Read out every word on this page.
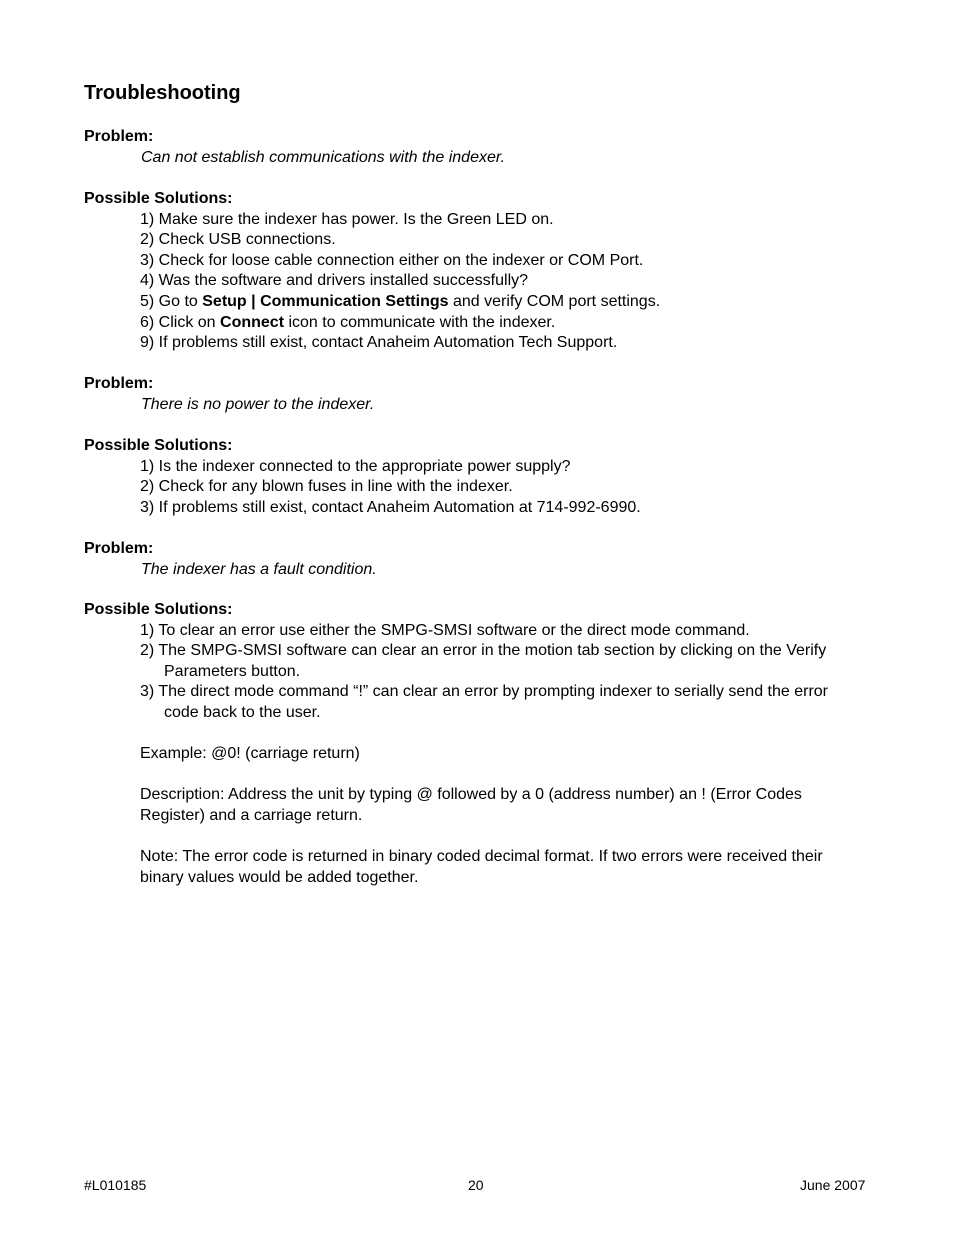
Troubleshooting
Problem:
Can not establish communications with the indexer.
Possible Solutions:
1) Make sure the indexer has power. Is the Green LED on.
2) Check USB connections.
3) Check for loose cable connection either on the indexer or COM Port.
4) Was the software and drivers installed successfully?
5) Go to Setup | Communication Settings and verify COM port settings.
6) Click on Connect icon to communicate with the indexer.
9) If problems still exist, contact Anaheim Automation Tech Support.
Problem:
There is no power to the indexer.
Possible Solutions:
1) Is the indexer connected to the appropriate power supply?
2) Check for any blown fuses in line with the indexer.
3) If problems still exist, contact Anaheim Automation at 714-992-6990.
Problem:
The indexer has a fault condition.
Possible Solutions:
1) To clear an error use either the SMPG-SMSI software or the direct mode command.
2) The SMPG-SMSI software can clear an error in the motion tab section by clicking on the Verify Parameters button.
3) The direct mode command “!” can clear an error by prompting indexer to serially send the error code back to the user.
Example: @0! (carriage return)
Description: Address the unit by typing @ followed by a 0 (address number) an ! (Error Codes Register) and a carriage return.
Note: The error code is returned in binary coded decimal format. If two errors were received their binary values would be added together.
#L010185	20	June 2007
